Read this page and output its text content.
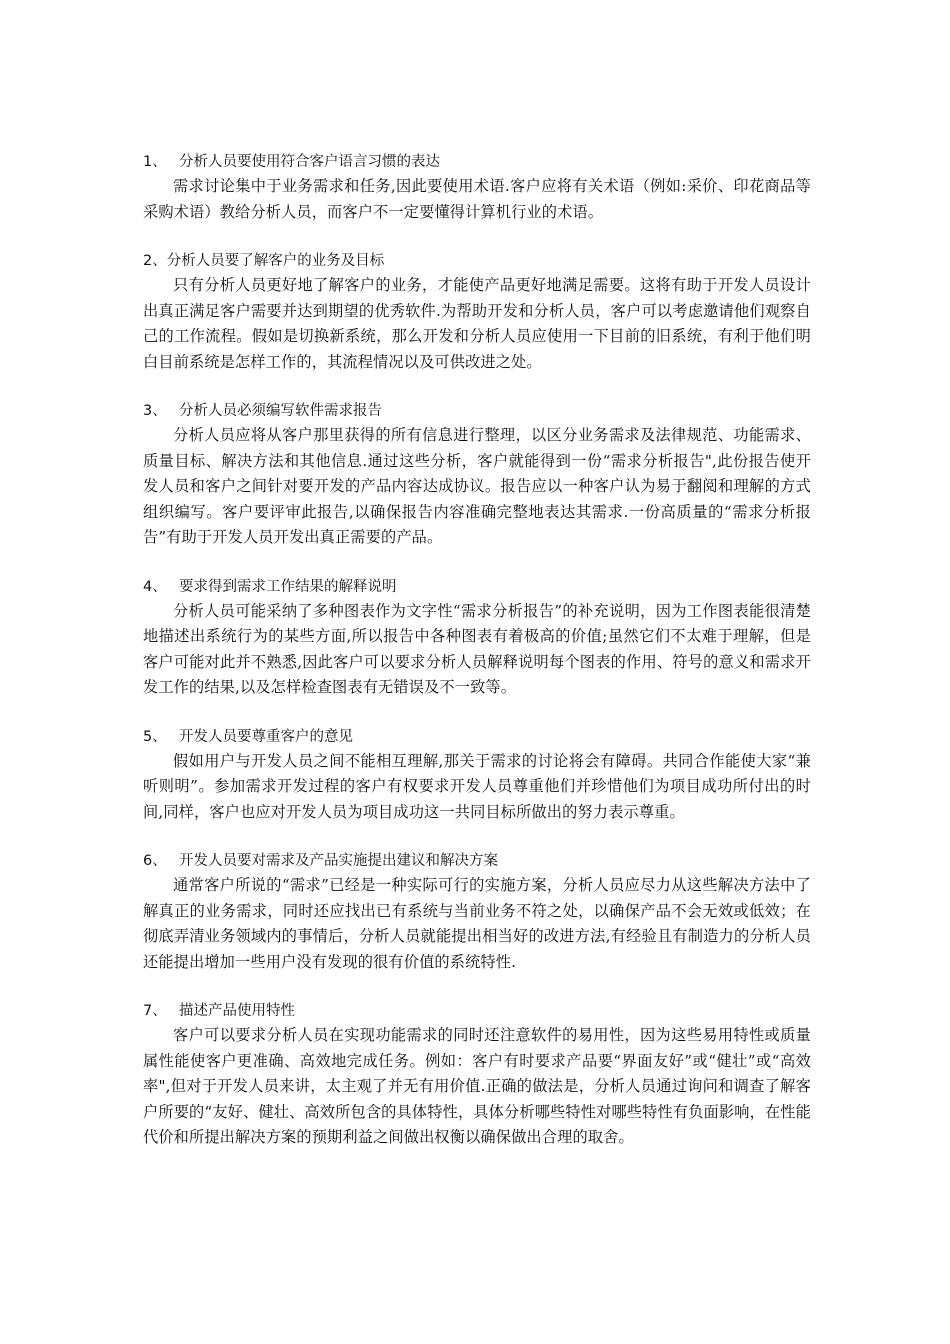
1、 分析人员要使用符合客户语言习惯的表达
需求讨论集中于业务需求和任务,因此要使用术语.客户应将有关术语（例如:采价、印花商品等采购术语）教给分析人员，而客户不一定要懂得计算机行业的术语。
2、分析人员要了解客户的业务及目标
只有分析人员更好地了解客户的业务，才能使产品更好地满足需要。这将有助于开发人员设计出真正满足客户需要并达到期望的优秀软件.为帮助开发和分析人员，客户可以考虑邀请他们观察自己的工作流程。假如是切换新系统，那么开发和分析人员应使用一下目前的旧系统，有利于他们明白目前系统是怎样工作的，其流程情况以及可供改进之处。
3、 分析人员必须编写软件需求报告
分析人员应将从客户那里获得的所有信息进行整理，以区分业务需求及法律规范、功能需求、质量目标、解决方法和其他信息.通过这些分析，客户就能得到一份“需求分析报告",此份报告使开发人员和客户之间针对要开发的产品内容达成协议。报告应以一种客户认为易于翻阅和理解的方式组织编写。客户要评审此报告,以确保报告内容准确完整地表达其需求.一份高质量的“需求分析报告”有助于开发人员开发出真正需要的产品。
4、 要求得到需求工作结果的解释说明
分析人员可能采纳了多种图表作为文字性“需求分析报告”的补充说明，因为工作图表能很清楚地描述出系统行为的某些方面,所以报告中各种图表有着极高的价值;虽然它们不太难于理解，但是客户可能对此并不熟悉,因此客户可以要求分析人员解释说明每个图表的作用、符号的意义和需求开发工作的结果,以及怎样检查图表有无错误及不一致等。
5、 开发人员要尊重客户的意见
假如用户与开发人员之间不能相互理解,那关于需求的讨论将会有障碍。共同合作能使大家“兼听则明”。参加需求开发过程的客户有权要求开发人员尊重他们并珍惜他们为项目成功所付出的时间,同样，客户也应对开发人员为项目成功这一共同目标所做出的努力表示尊重。
6、 开发人员要对需求及产品实施提出建议和解决方案
通常客户所说的“需求”已经是一种实际可行的实施方案，分析人员应尽力从这些解决方法中了解真正的业务需求，同时还应找出已有系统与当前业务不符之处，以确保产品不会无效或低效；在彻底弄清业务领域内的事情后，分析人员就能提出相当好的改进方法,有经验且有制造力的分析人员还能提出增加一些用户没有发现的很有价值的系统特性.
7、 描述产品使用特性
客户可以要求分析人员在实现功能需求的同时还注意软件的易用性，因为这些易用特性或质量属性能使客户更准确、高效地完成任务。例如：客户有时要求产品要“界面友好”或“健壮”或“高效率",但对于开发人员来讲，太主观了并无有用价值.正确的做法是，分析人员通过询问和调查了解客户所要的“友好、健壮、高效所包含的具体特性，具体分析哪些特性对哪些特性有负面影响，在性能代价和所提出解决方案的预期利益之间做出权衡以确保做出合理的取舍。
